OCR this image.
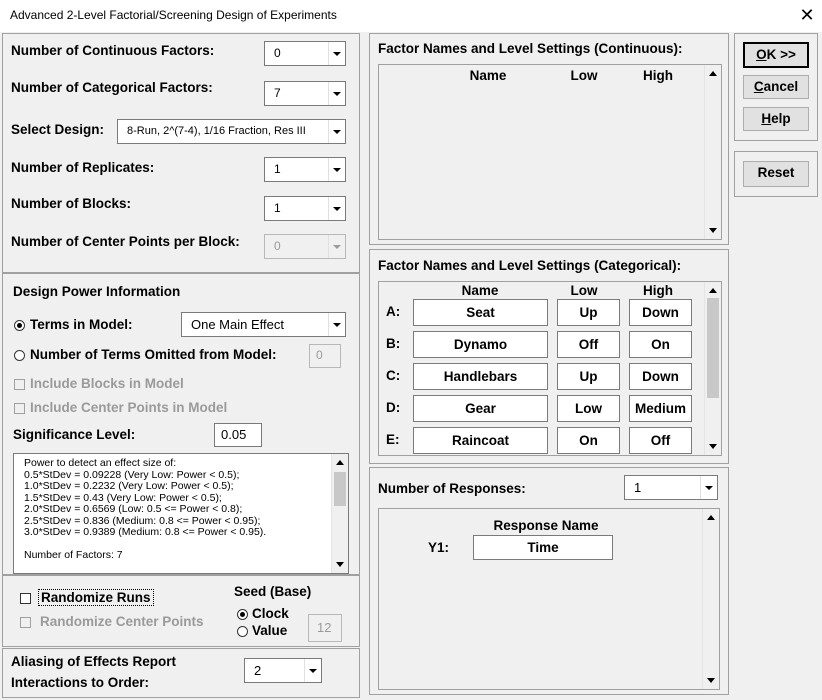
Advanced 2-Level Factorial/Screening Design of Experiments	✕
Number of Continuous Factors:	0
Number of Categorical Factors:	7
Select Design:	8-Run, 2^(7-4), 1/16 Fraction, Res III
Number of Replicates:	1
Number of Blocks:	1
Number of Center Points per Block:	0
Design Power Information
Terms in Model:	One Main Effect
Number of Terms Omitted from Model:	0
Include Blocks in Model
Include Center Points in Model
Significance Level:	0.05
Power to detect an effect size of:
0.5*StDev = 0.09228 (Very Low: Power < 0.5);
1.0*StDev = 0.2232 (Very Low: Power < 0.5);
1.5*StDev = 0.43 (Very Low: Power < 0.5);
2.0*StDev = 0.6569 (Low: 0.5 <= Power < 0.8);
2.5*StDev = 0.836 (Medium: 0.8 <= Power < 0.95);
3.0*StDev = 0.9389 (Medium: 0.8 <= Power < 0.95).
Number of Factors: 7
Randomize Runs
Randomize Center Points
Seed (Base)
Clock
Value	12
Aliasing of Effects Report
Interactions to Order:
2
Factor Names and Level Settings (Continuous):
Name	Low	High
Factor Names and Level Settings (Categorical):
Name	Low	High
A:	Seat	Up	Down
B:	Dynamo	Off	On
C:	Handlebars	Up	Down
D:	Gear	Low	Medium
E:	Raincoat	On	Off
Number of Responses:	1
Response Name
Y1:	Time
OK >>
Cancel
Help
Reset
